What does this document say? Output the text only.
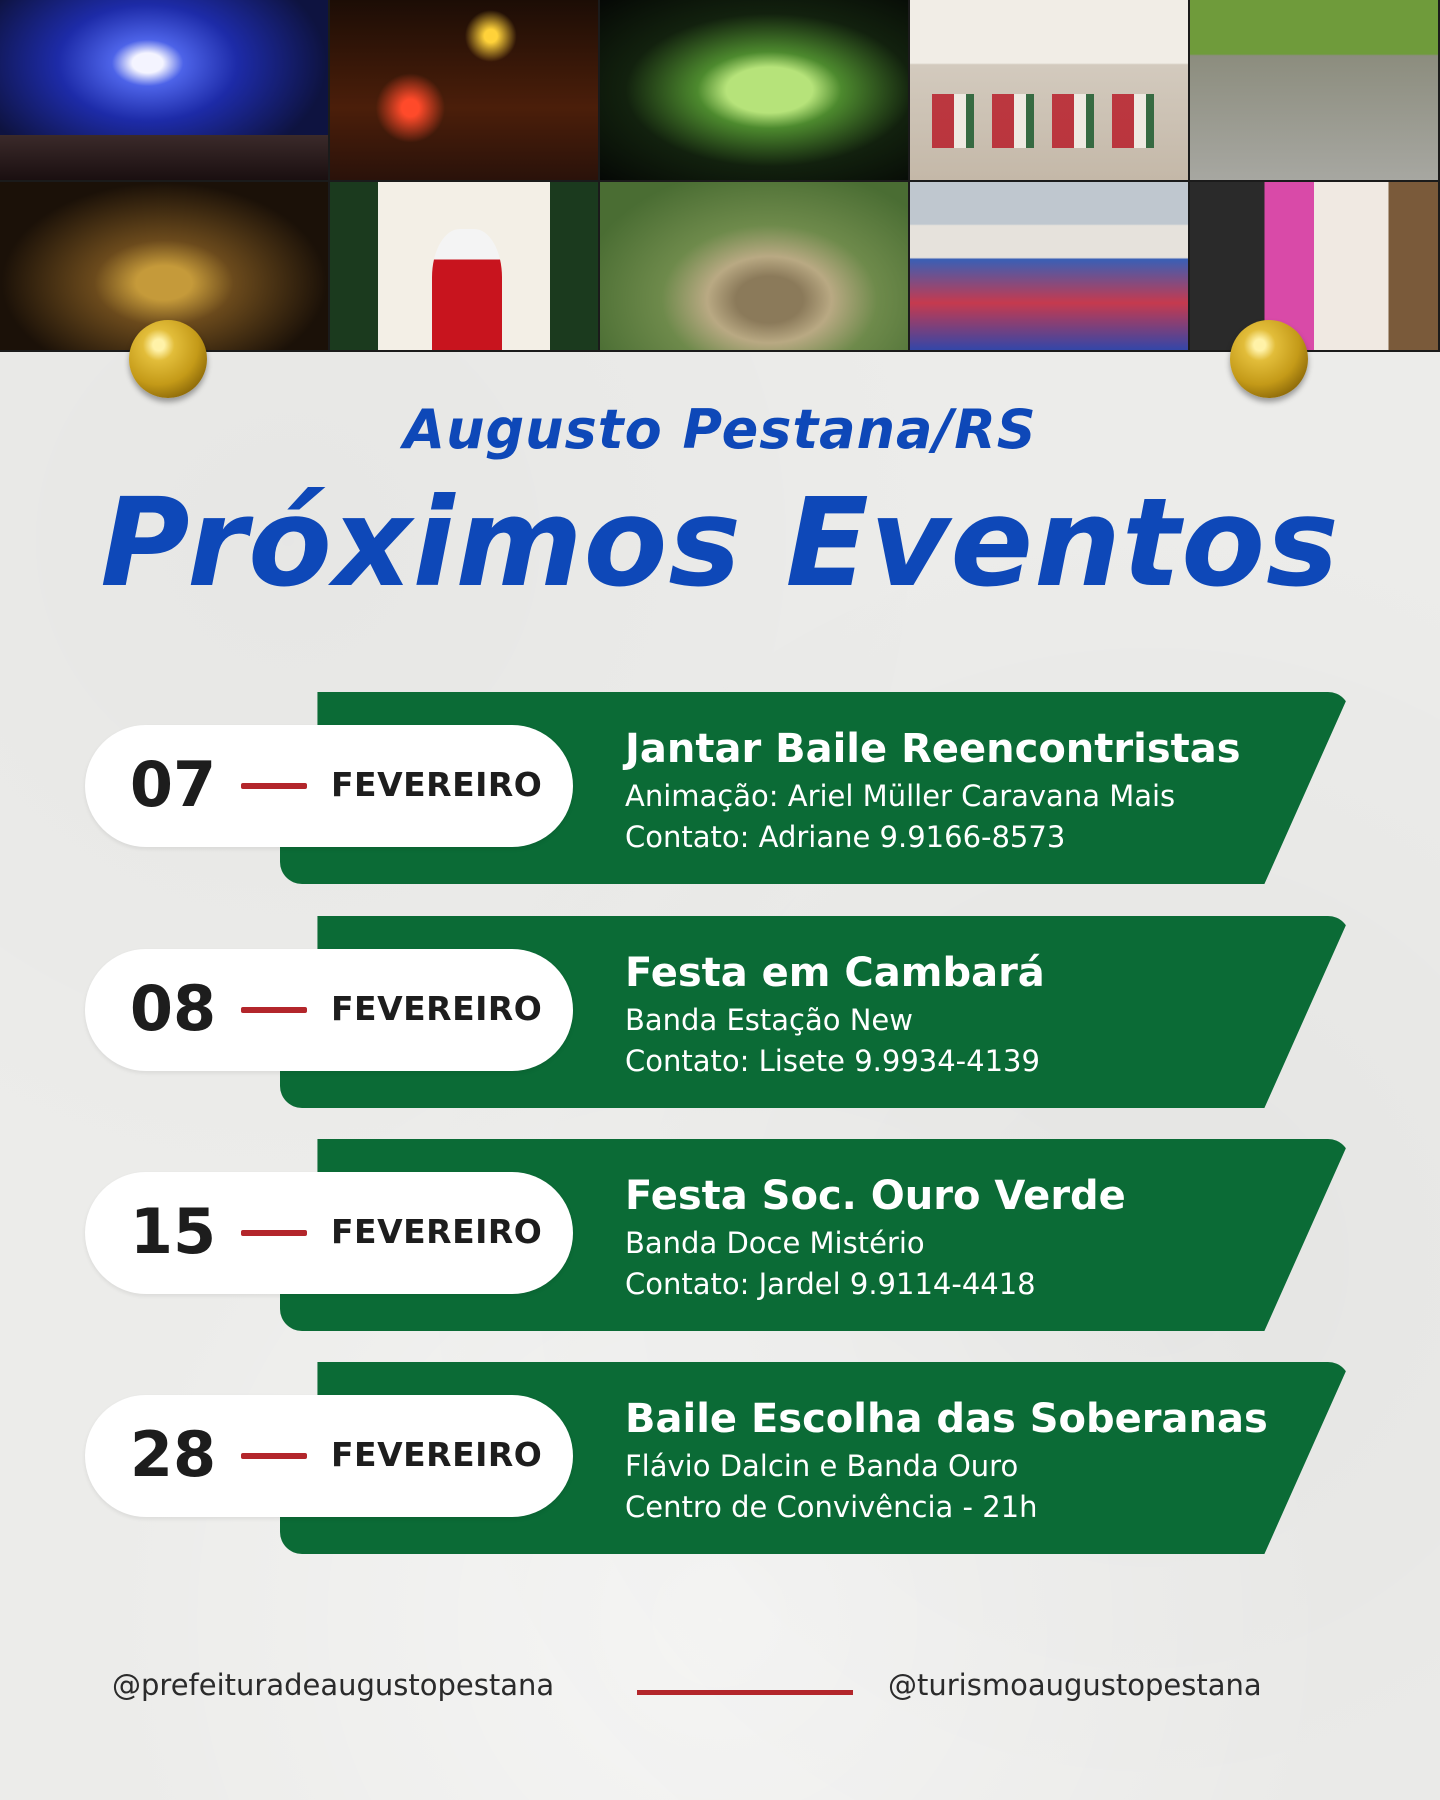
Augusto Pestana/RS
Próximos Eventos
07	FEVEREIRO
Jantar Baile Reencontristas
Animação: Ariel Müller Caravana Mais
Contato: Adriane 9.9166-8573
08	FEVEREIRO
Festa em Cambará
Banda Estação New
Contato: Lisete 9.9934-4139
15	FEVEREIRO
Festa Soc. Ouro Verde
Banda Doce Mistério
Contato: Jardel 9.9114-4418
28	FEVEREIRO
Baile Escolha das Soberanas
Flávio Dalcin e Banda Ouro
Centro de Convivência - 21h
@prefeituradeaugustopestana	@turismoaugustopestana
